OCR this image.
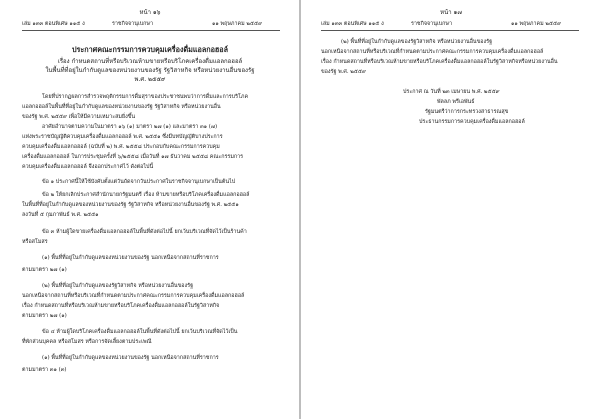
หน้า ๑๖
เล่ม ๑๓๓ ตอนพิเศษ ๑๑๕ ง	ราชกิจจานุเบกษา	๑๑ พฤษภาคม ๒๕๕๙
ประกาศคณะกรรมการควบคุมเครื่องดื่มแอลกอฮอล์
เรื่อง กำหนดสถานที่หรือบริเวณห้ามขายหรือบริโภคเครื่องดื่มแอลกอฮอล์
ในพื้นที่ที่อยู่ในกำกับดูแลของหน่วยงานของรัฐ รัฐวิสาหกิจ หรือหน่วยงานอื่นของรัฐ
พ.ศ. ๒๕๕๙
โดยที่ปรากฏผลการสำรวจพฤติกรรมการดื่มสุราของประชาชนพบว่าการดื่มและการบริโภค
แอลกอฮอล์ในพื้นที่ที่อยู่ในกำกับดูแลของหน่วยงานของรัฐ รัฐวิสาหกิจ หรือหน่วยงานอื่น
ของรัฐ พ.ศ. ๒๕๕๙ เพื่อให้มีความเหมาะสมยิ่งขึ้น
อาศัยอำนาจตามความในมาตรา ๑๖ (๑) มาตรา ๒๗ (๑) และมาตรา ๓๑ (๗)
แห่งพระราชบัญญัติควบคุมเครื่องดื่มแอลกอฮอล์ พ.ศ. ๒๕๕๑ ซึ่งมีบทบัญญัติบางประการ
ควบคุมเครื่องดื่มแอลกอฮอล์ (ฉบับที่ ๒) พ.ศ. ๒๕๕๘ ประกอบกับคณะกรรมการควบคุม
เครื่องดื่มแอลกอฮอล์ ในการประชุมครั้งที่ ๖/๒๕๕๘ เมื่อวันที่ ๑๗ ธันวาคม ๒๕๕๘ คณะกรรมการ
ควบคุมเครื่องดื่มแอลกอฮอล์ จึงออกประกาศไว้ ดังต่อไปนี้
ข้อ ๑ ประกาศนี้ให้ใช้บังคับตั้งแต่วันถัดจากวันประกาศในราชกิจจานุเบกษาเป็นต้นไป
ข้อ ๒ ให้ยกเลิกประกาศสำนักนายกรัฐมนตรี เรื่อง ห้ามขายหรือบริโภคเครื่องดื่มแอลกอฮอล์
ในพื้นที่ที่อยู่ในกำกับดูแลของหน่วยงานของรัฐ รัฐวิสาหกิจ หรือหน่วยงานอื่นของรัฐ พ.ศ. ๒๕๕๑
ลงวันที่ ๕ กุมภาพันธ์ พ.ศ. ๒๕๕๑
ข้อ ๓ ห้ามผู้ใดขายเครื่องดื่มแอลกอฮอล์ในพื้นที่ดังต่อไปนี้ ยกเว้นบริเวณที่จัดไว้เป็นร้านค้า
หรือสโมสร
(๑) พื้นที่ที่อยู่ในกำกับดูแลของหน่วยงานของรัฐ นอกเหนือจากสถานที่ราชการ
ตามมาตรา ๒๗ (๑)
(๒) พื้นที่ที่อยู่ในกำกับดูแลของรัฐวิสาหกิจ หรือหน่วยงานอื่นของรัฐ
นอกเหนือจากสถานที่หรือบริเวณที่กำหนดตามประกาศคณะกรรมการควบคุมเครื่องดื่มแอลกอฮอล์
เรื่อง กำหนดสถานที่หรือบริเวณห้ามขายหรือบริโภคเครื่องดื่มแอลกอฮอล์ในรัฐวิสาหกิจ
ตามมาตรา ๒๗ (๑)
ข้อ ๔ ห้ามผู้ใดบริโภคเครื่องดื่มแอลกอฮอล์ในพื้นที่ดังต่อไปนี้ ยกเว้นบริเวณที่จัดไว้เป็น
ที่พักส่วนบุคคล หรือสโมสร หรือการจัดเลี้ยงตามประเพณี
(๑) พื้นที่ที่อยู่ในกำกับดูแลของหน่วยงานของรัฐ นอกเหนือจากสถานที่ราชการ
ตามมาตรา ๓๑ (๓)
หน้า ๑๗
เล่ม ๑๓๓ ตอนพิเศษ ๑๑๕ ง	ราชกิจจานุเบกษา	๑๑ พฤษภาคม ๒๕๕๙
(๒) พื้นที่ที่อยู่ในกำกับดูแลของรัฐวิสาหกิจ หรือหน่วยงานอื่นของรัฐ
นอกเหนือจากสถานที่หรือบริเวณที่กำหนดตามประกาศคณะกรรมการควบคุมเครื่องดื่มแอลกอฮอล์
เรื่อง กำหนดสถานที่หรือบริเวณห้ามขายหรือบริโภคเครื่องดื่มแอลกอฮอล์ในรัฐวิสาหกิจหรือหน่วยงานอื่น
ของรัฐ พ.ศ. ๒๕๕๙
ประกาศ ณ วันที่ ๒๓ เมษายน พ.ศ. ๒๕๕๙
พัลลภ พรีเอพันธ์
รัฐมนตรีว่าการกระทรวงสาธารณสุข
ประธานกรรมการควบคุมเครื่องดื่มแอลกอฮอล์
